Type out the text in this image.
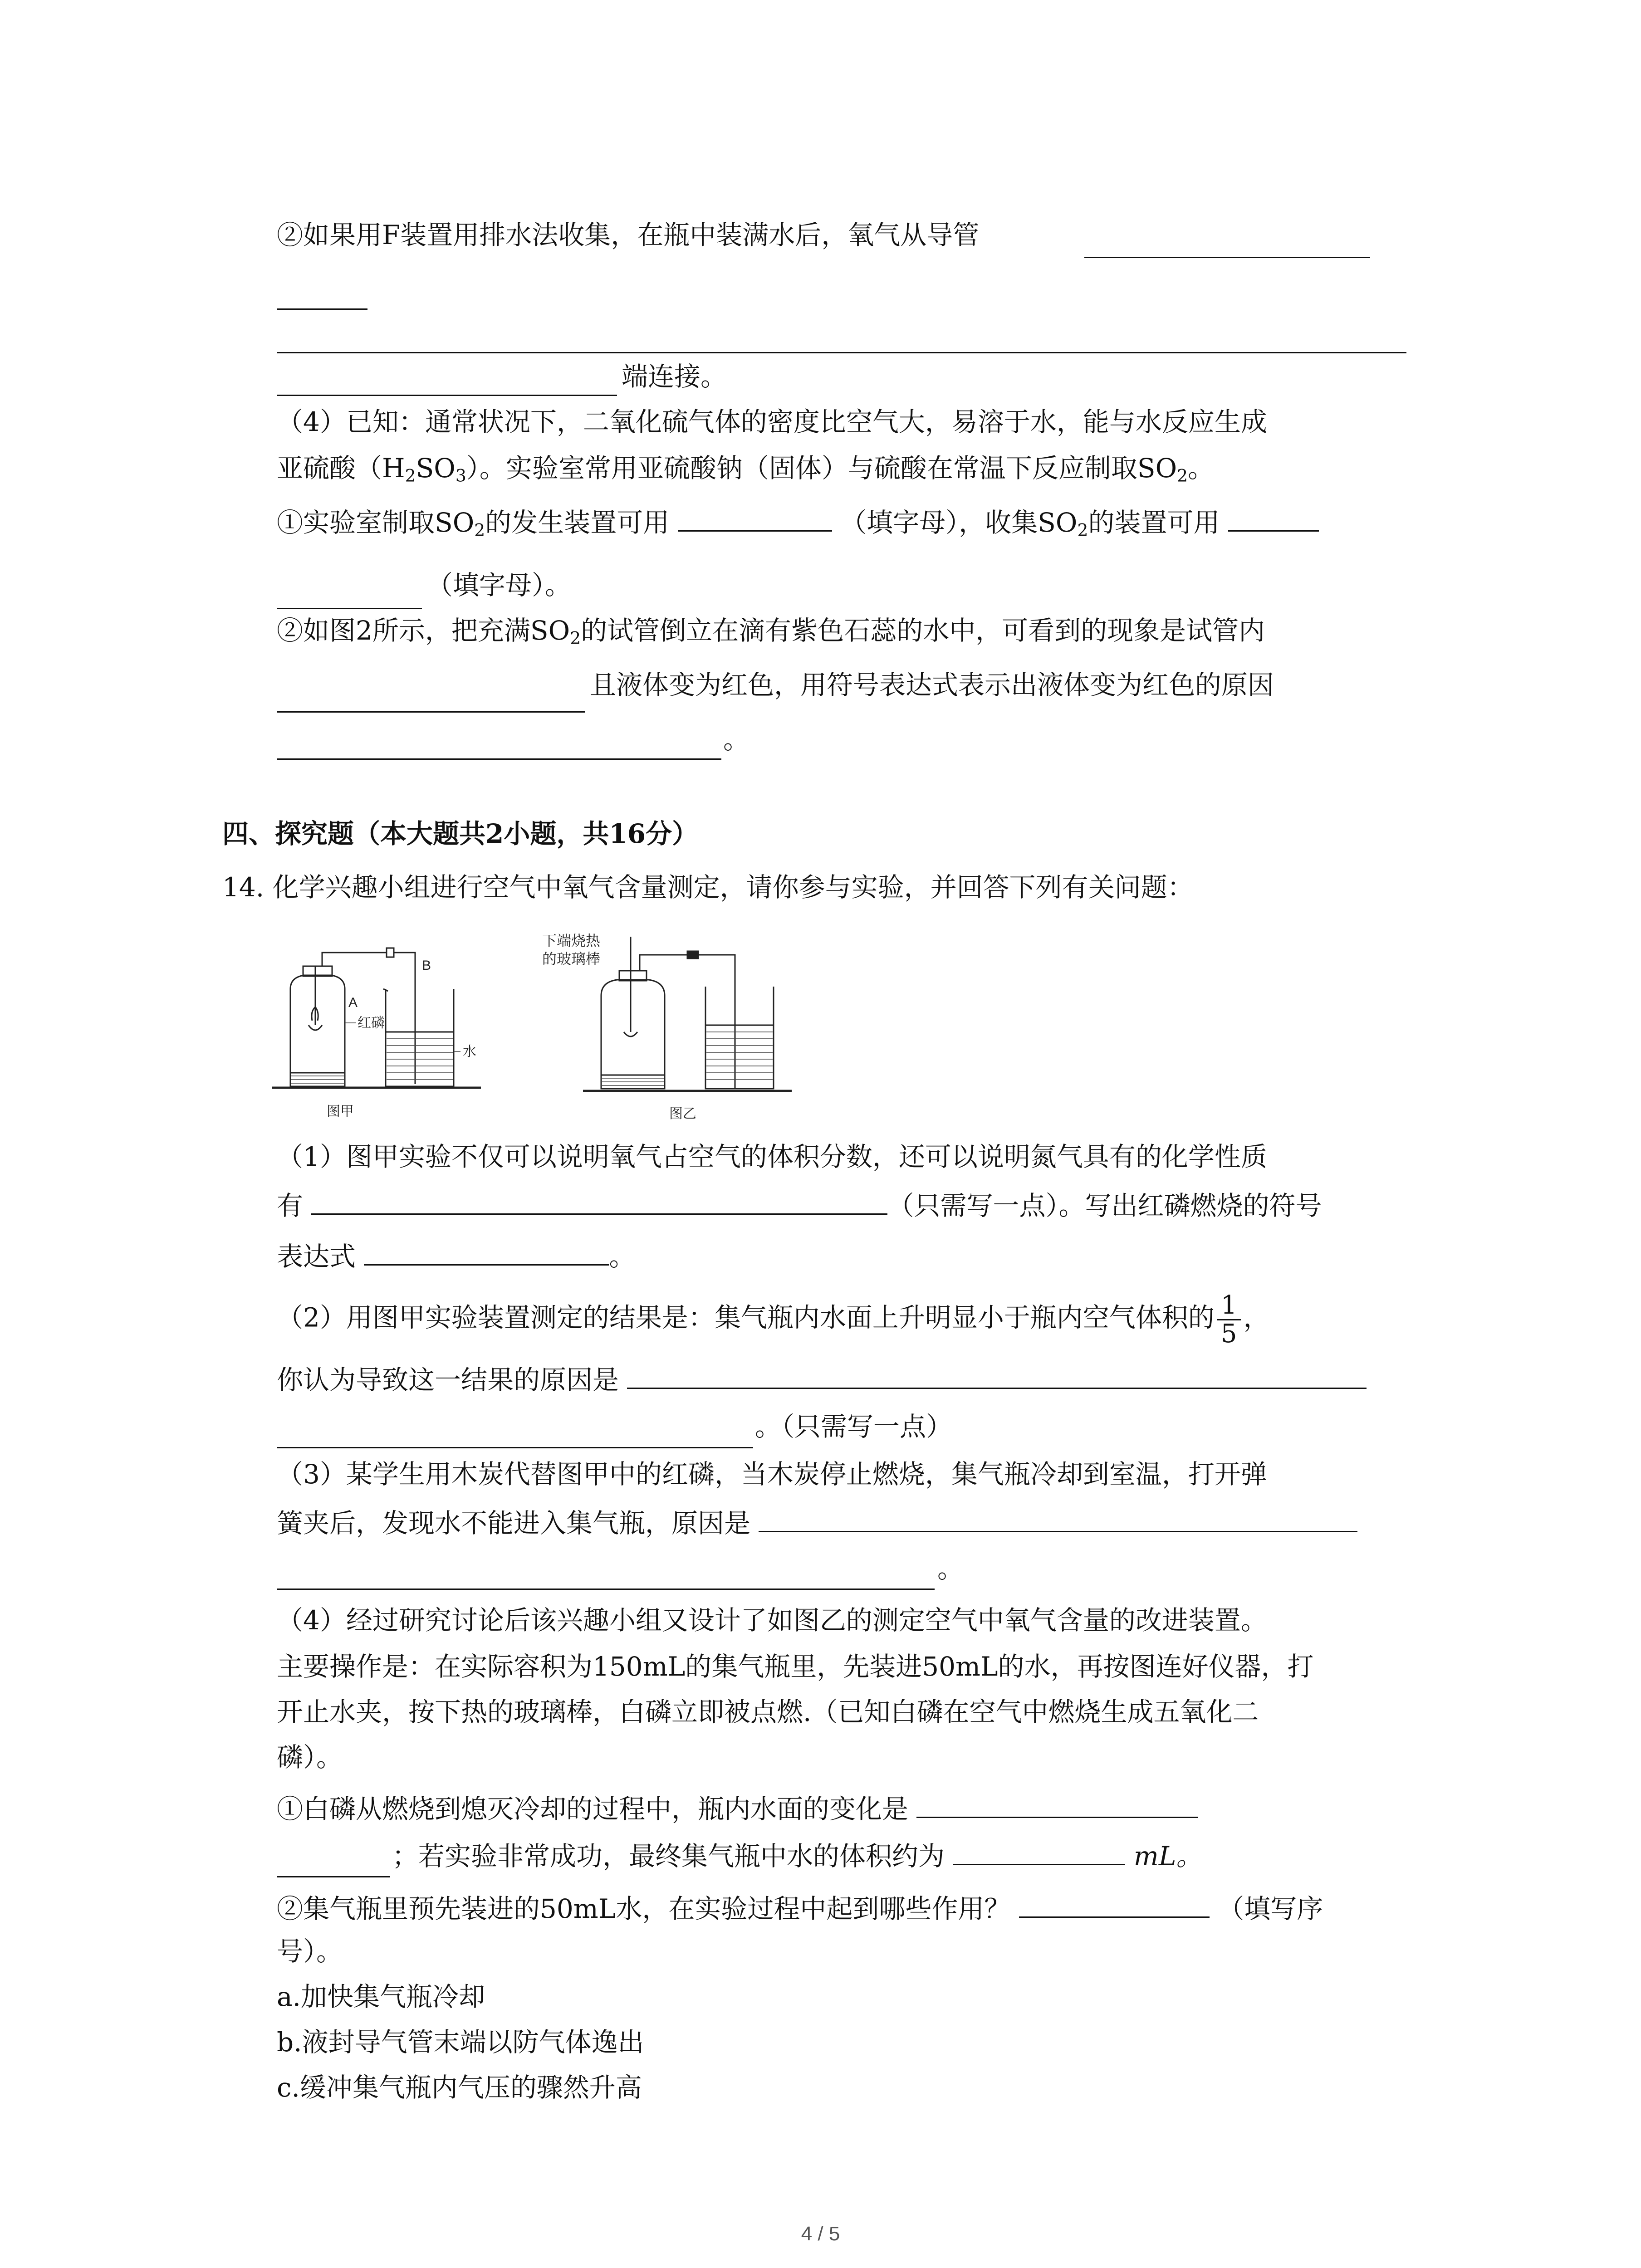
②如果用F装置用排水法收集，在瓶中装满水后，氧气从导管
端连接。
（4）已知：通常状况下，二氧化硫气体的密度比空气大，易溶于水，能与水反应生成
亚硫酸$(H_2SO_3)$。实验室常用亚硫酸钠（固体）与硫酸在常温下反应制取$SO_2$。
①实验室制取$SO_2$的发生装置可用	（填字母），收集$SO_2$的装置可用
（填字母）。
②如图2所示，把充满$SO_2$的试管倒立在滴有紫色石蕊的水中，可看到的现象是试管内
且液体变为红色，用符号表达式表示出液体变为红色的原因
。
四、探究题（本大题共2小题，共16分）
14. 化学兴趣小组进行空气中氧气含量测定，请你参与实验，并回答下列有关问题：
A
B
红磷
水
图甲
下端烧热
的玻璃棒
图乙
（1）图甲实验不仅可以说明氧气占空气的体积分数，还可以说明氮气具有的化学性质
有	（只需写一点）。写出红磷燃烧的符号
表达式	。
（2）用图甲实验装置测定的结果是：集气瓶内水面上升明显小于瓶内空气体积的 $\frac{1}{5}$ ，
你认为导致这一结果的原因是
。（只需写一点）
（3）某学生用木炭代替图甲中的红磷，当木炭停止燃烧，集气瓶冷却到室温，打开弹
簧夹后，发现水不能进入集气瓶，原因是
。
（4）经过研究讨论后该兴趣小组又设计了如图乙的测定空气中氧气含量的改进装置。
主要操作是：在实际容积为150mL的集气瓶里，先装进50mL的水，再按图连好仪器，打
开止水夹，按下热的玻璃棒，白磷立即被点燃.（已知白磷在空气中燃烧生成五氧化二
磷）。
①白磷从燃烧到熄灭冷却的过程中，瓶内水面的变化是
；若实验非常成功，最终集气瓶中水的体积约为	mL。
②集气瓶里预先装进的50mL水，在实验过程中起到哪些作用？	（填写序
号）。
a.加快集气瓶冷却
b.液封导气管末端以防气体逸出
c.缓冲集气瓶内气压的骤然升高
4 / 5
